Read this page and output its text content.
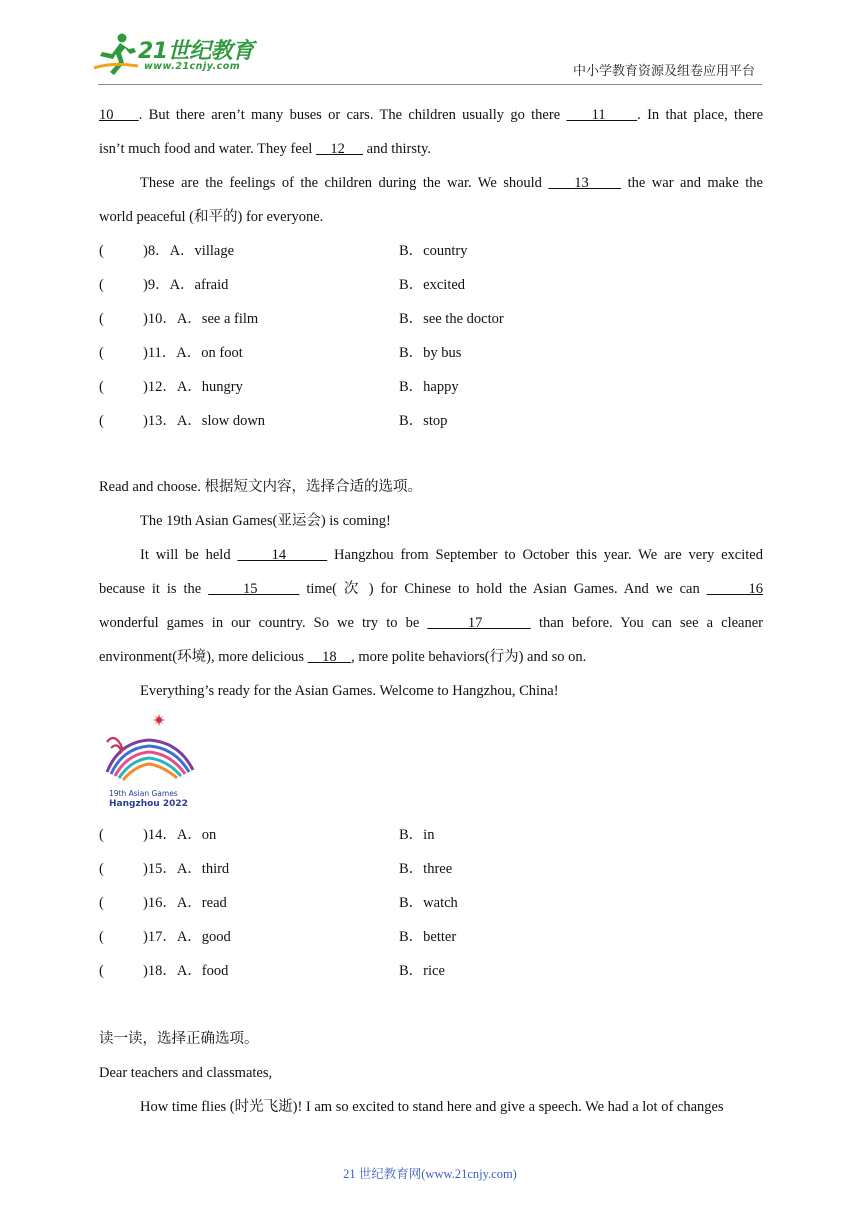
21世纪教育
www.21cnjy.com	中小学教育资源及组卷应用平台
10 . But there aren’t many buses or cars. The children usually go there     11     . In that place, there
isn’t much food and water. They feel     12      and thirsty.
These are the feelings of the children during the war. We should     13      the war and make the
world peaceful (和平的) for everyone.
(	)8．A．village	B．country
(	)9．A．afraid	B．excited
(	)10．A．see a film	B．see the doctor
(	)11．A．on foot	B．by bus
(	)12．A．hungry	B．happy
(	)13．A．slow down	B．stop
Read and choose. 根据短文内容，选择合适的选项。
The 19th Asian Games(亚运会) is coming!
It will be held      14       Hangzhou from September to October this year. We are very excited
because it is the      15       time( 次 ) for Chinese to hold the Asian Games. And we can       16
wonderful games in our country. So we try to be      17       than before. You can see a cleaner
environment(环境), more delicious     18    , more polite behaviors(行为) and so on.
Everything’s ready for the Asian Games. Welcome to Hangzhou, China!
19th Asian Games
Hangzhou 2022
(	)14．A．on	B．in
(	)15．A．third	B．three
(	)16．A．read	B．watch
(	)17．A．good	B．better
(	)18．A．food	B．rice
读一读，选择正确选项。
Dear teachers and classmates,
How time flies (时光飞逝)! I am so excited to stand here and give a speech. We had a lot of changes
21 世纪教育网(www.21cnjy.com)
